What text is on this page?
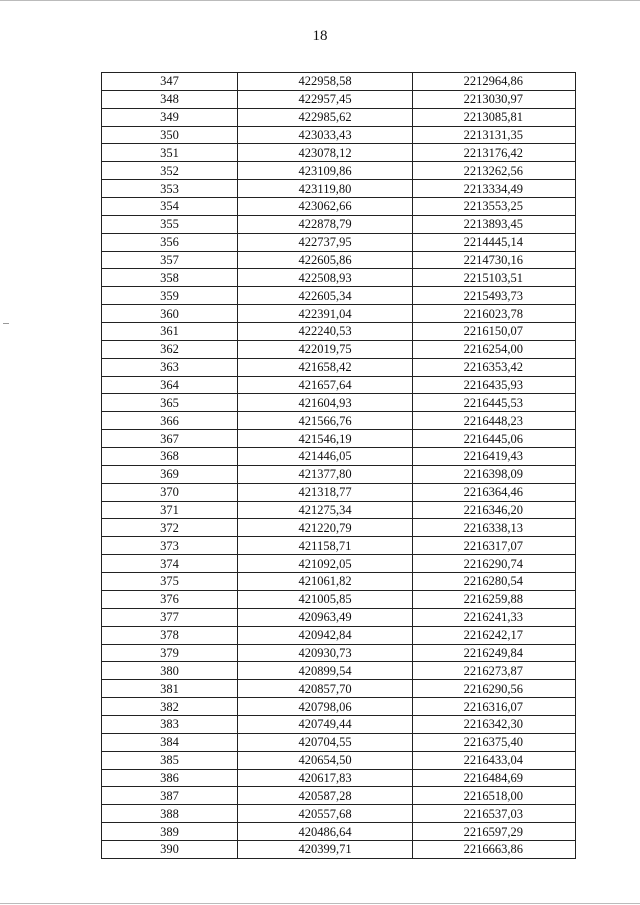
18
347	422958,58	2212964,86
348	422957,45	2213030,97
349	422985,62	2213085,81
350	423033,43	2213131,35
351	423078,12	2213176,42
352	423109,86	2213262,56
353	423119,80	2213334,49
354	423062,66	2213553,25
355	422878,79	2213893,45
356	422737,95	2214445,14
357	422605,86	2214730,16
358	422508,93	2215103,51
359	422605,34	2215493,73
360	422391,04	2216023,78
361	422240,53	2216150,07
362	422019,75	2216254,00
363	421658,42	2216353,42
364	421657,64	2216435,93
365	421604,93	2216445,53
366	421566,76	2216448,23
367	421546,19	2216445,06
368	421446,05	2216419,43
369	421377,80	2216398,09
370	421318,77	2216364,46
371	421275,34	2216346,20
372	421220,79	2216338,13
373	421158,71	2216317,07
374	421092,05	2216290,74
375	421061,82	2216280,54
376	421005,85	2216259,88
377	420963,49	2216241,33
378	420942,84	2216242,17
379	420930,73	2216249,84
380	420899,54	2216273,87
381	420857,70	2216290,56
382	420798,06	2216316,07
383	420749,44	2216342,30
384	420704,55	2216375,40
385	420654,50	2216433,04
386	420617,83	2216484,69
387	420587,28	2216518,00
388	420557,68	2216537,03
389	420486,64	2216597,29
390	420399,71	2216663,86
